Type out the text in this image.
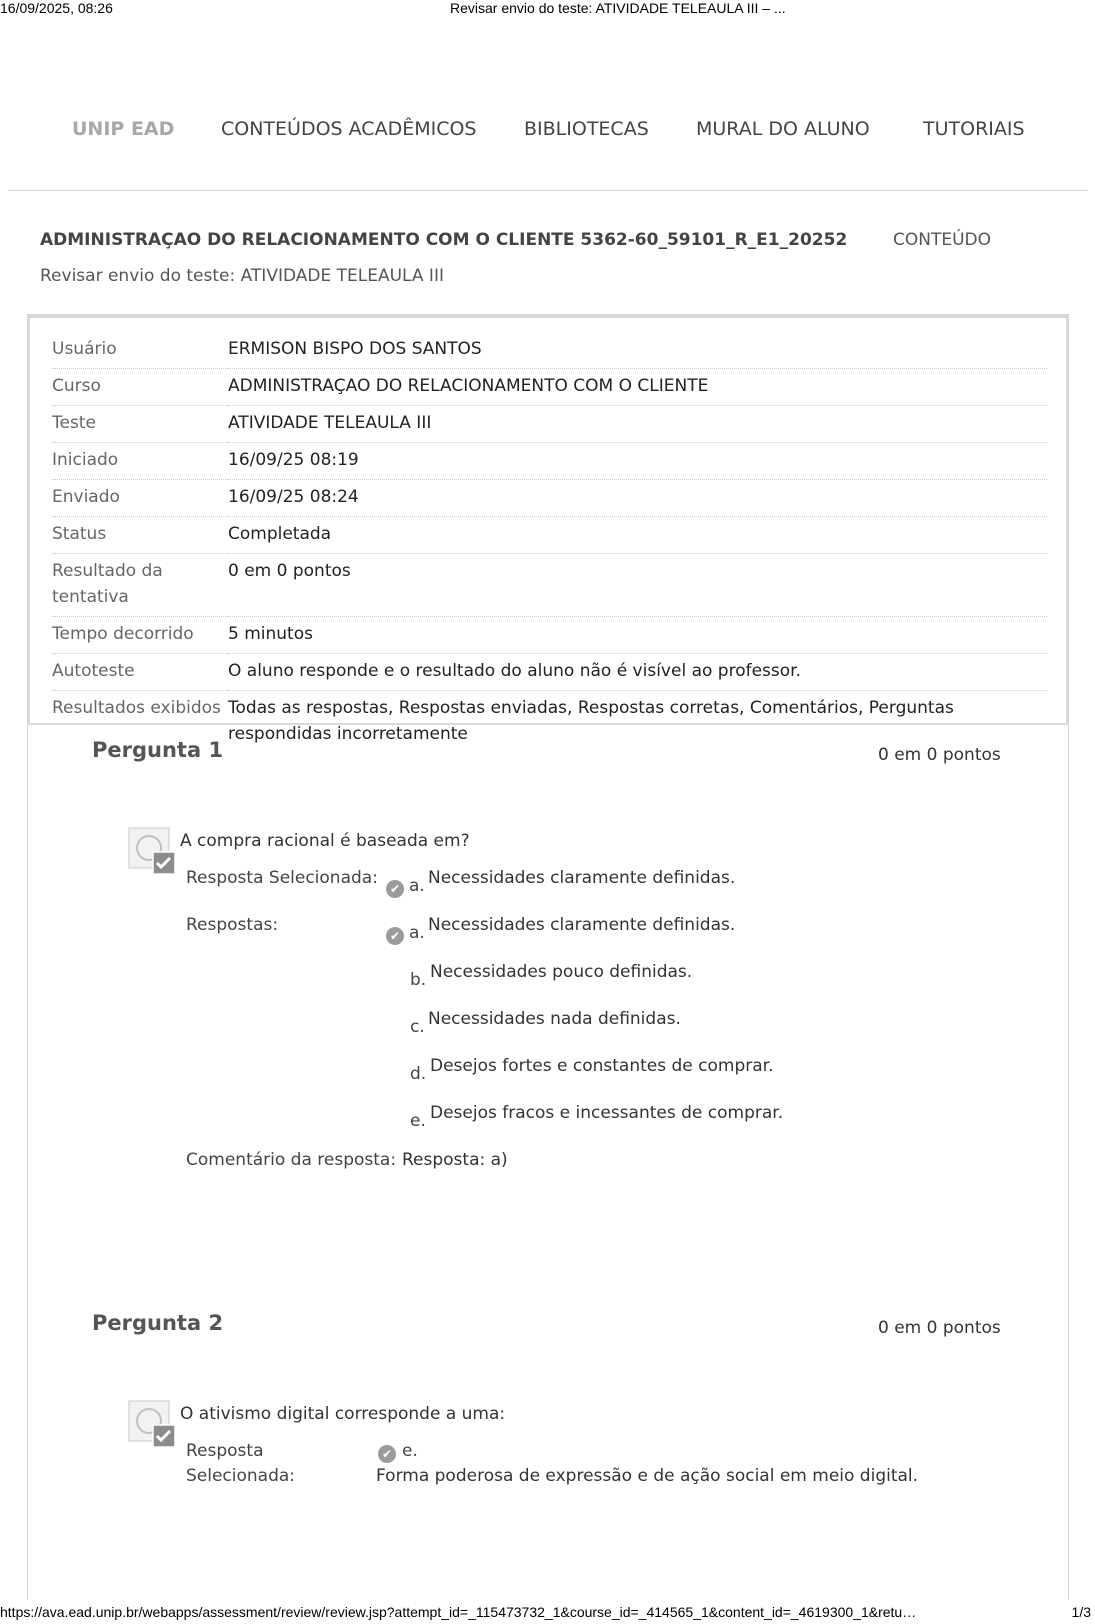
16/09/2025, 08:26	Revisar envio do teste: ATIVIDADE TELEAULA III – ...
UNIP EAD CONTEÚDOS ACADÊMICOS	BIBLIOTECAS MURAL DO ALUNO	TUTORIAIS
ADMINISTRAÇAO DO RELACIONAMENTO COM O CLIENTE 5362-60_59101_R_E1_20252	CONTEÚDO
Revisar envio do teste: ATIVIDADE TELEAULA III
Usuário	ERMISON BISPO DOS SANTOS
Curso	ADMINISTRAÇAO DO RELACIONAMENTO COM O CLIENTE
Teste	ATIVIDADE TELEAULA III
Iniciado	16/09/25 08:19
Enviado	16/09/25 08:24
Status	Completada
Resultado da tentativa	0 em 0 pontos
Tempo decorrido	5 minutos
Autoteste	O aluno responde e o resultado do aluno não é visível ao professor.
Resultados exibidos	Todas as respostas, Respostas enviadas, Respostas corretas, Comentários, Perguntas respondidas incorretamente
Pergunta 1	0 em 0 pontos
A compra racional é baseada em?
Resposta Selecionada:
✔ a. Necessidades claramente definidas.
Respostas:
✔ a. Necessidades claramente definidas.
b. Necessidades pouco definidas.
c. Necessidades nada definidas.
d. Desejos fortes e constantes de comprar.
e. Desejos fracos e incessantes de comprar.
Comentário da resposta: Resposta: a)
Pergunta 2	0 em 0 pontos
O ativismo digital corresponde a uma:
Resposta
Selecionada:
✔ e.
Forma poderosa de expressão e de ação social em meio digital.
https://ava.ead.unip.br/webapps/assessment/review/review.jsp?attempt_id=_115473732_1&course_id=_414565_1&content_id=_4619300_1&retu…	1/3
